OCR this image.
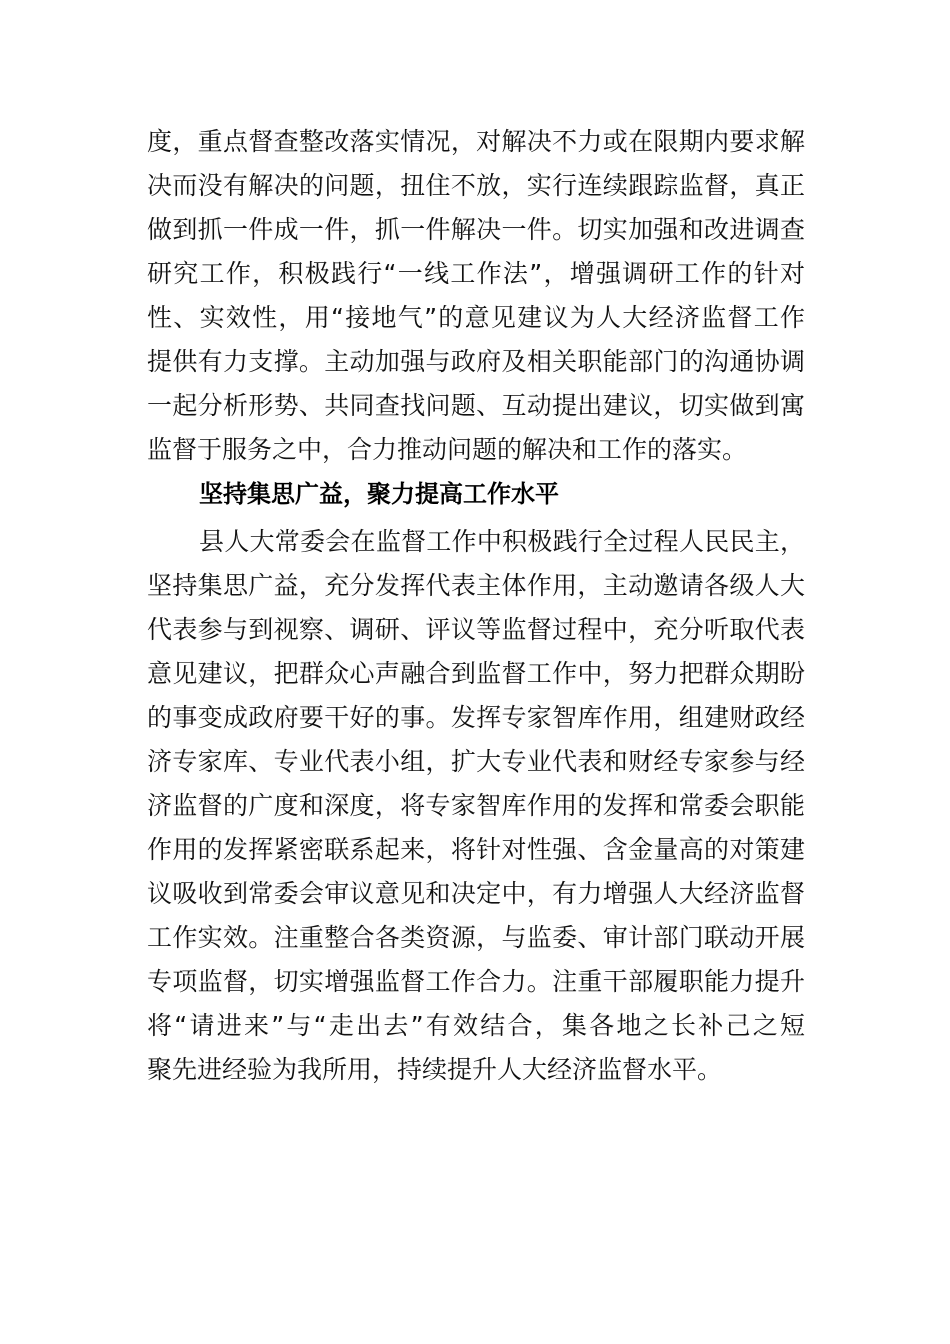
坚持集思广益，聚力提高工作水平
度，重点督查整改落实情况，对解决不力或在限期内要求解
决而没有解决的问题，扭住不放，实行连续跟踪监督，真正
做到抓一件成一件，抓一件解决一件。切实加强和改进调查
研究工作，积极践行“一线工作法”，增强调研工作的针对
性、实效性，用“接地气”的意见建议为人大经济监督工作
提供有力支撑。主动加强与政府及相关职能部门的沟通协调
一起分析形势、共同查找问题、互动提出建议，切实做到寓
监督于服务之中，合力推动问题的解决和工作的落实。
县人大常委会在监督工作中积极践行全过程人民民主，
坚持集思广益，充分发挥代表主体作用，主动邀请各级人大
代表参与到视察、调研、评议等监督过程中，充分听取代表
意见建议，把群众心声融合到监督工作中，努力把群众期盼
的事变成政府要干好的事。发挥专家智库作用，组建财政经
济专家库、专业代表小组，扩大专业代表和财经专家参与经
济监督的广度和深度，将专家智库作用的发挥和常委会职能
作用的发挥紧密联系起来，将针对性强、含金量高的对策建
议吸收到常委会审议意见和决定中，有力增强人大经济监督
工作实效。注重整合各类资源，与监委、审计部门联动开展
专项监督，切实增强监督工作合力。注重干部履职能力提升
将“请进来”与“走出去”有效结合，集各地之长补己之短
聚先进经验为我所用，持续提升人大经济监督水平。
